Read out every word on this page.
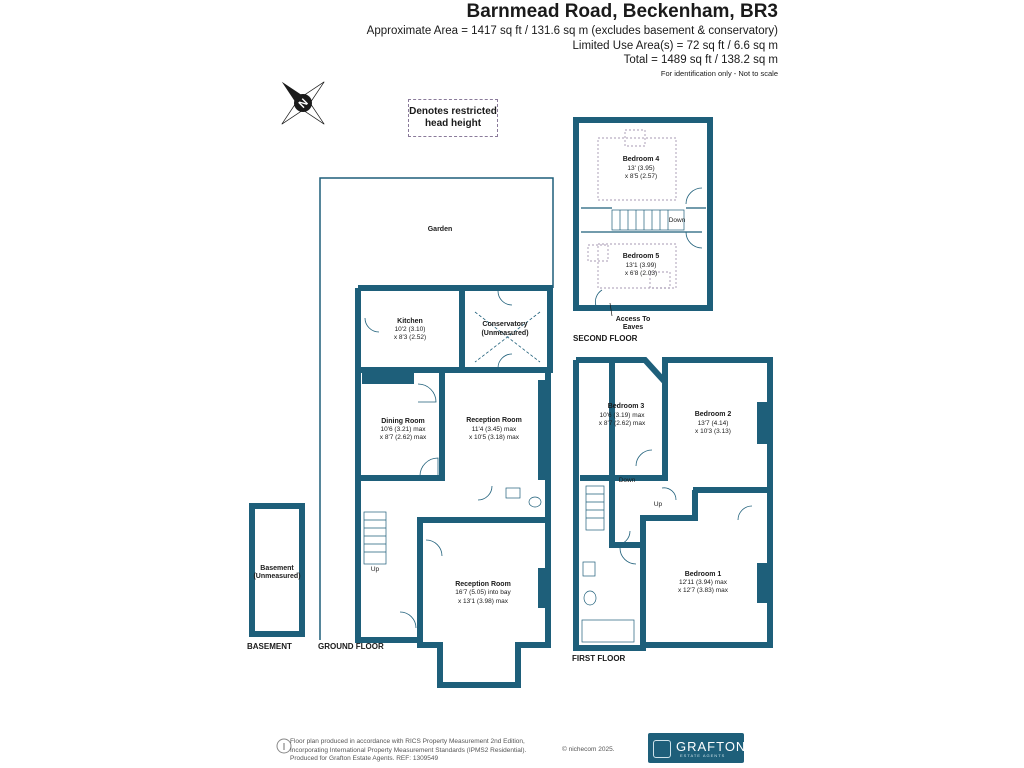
Barnmead Road, Beckenham, BR3
Approximate Area = 1417 sq ft / 131.6 sq m (excludes basement & conservatory)
Limited Use Area(s) = 72 sq ft / 6.6 sq m
Total = 1489 sq ft / 138.2 sq m
For identification only - Not to scale
Denotes restricted
head height
N
Garden
Kitchen
10'2 (3.10)
x 8'3 (2.52)
Conservatory
(Unmeasured)
Dining Room
10'6 (3.21) max
x 8'7 (2.62) max
Reception Room
11'4 (3.45) max
x 10'5 (3.18) max
Reception Room
16'7 (5.05) into bay
x 13'1 (3.98) max
Basement
(Unmeasured)
Bedroom 3
10'6 (3.19) max
x 8'7 (2.62) max
Bedroom 2
13'7 (4.14)
x 10'3 (3.13)
Bedroom 1
12'11 (3.94) max
x 12'7 (3.83) max
Bedroom 4
13' (3.95)
x 8'5 (2.57)
Bedroom 5
13'1 (3.99)
x 6'8 (2.03)
Up
Down
Up
Down
Access To
Eaves
BASEMENT	GROUND FLOOR
FIRST FLOOR
SECOND FLOOR
Floor plan produced in accordance with RICS Property Measurement 2nd Edition,
Incorporating International Property Measurement Standards (IPMS2 Residential).
Produced for Grafton Estate Agents. REF: 1309549
© nichecom 2025.	GRAFTON
ESTATE AGENTS
